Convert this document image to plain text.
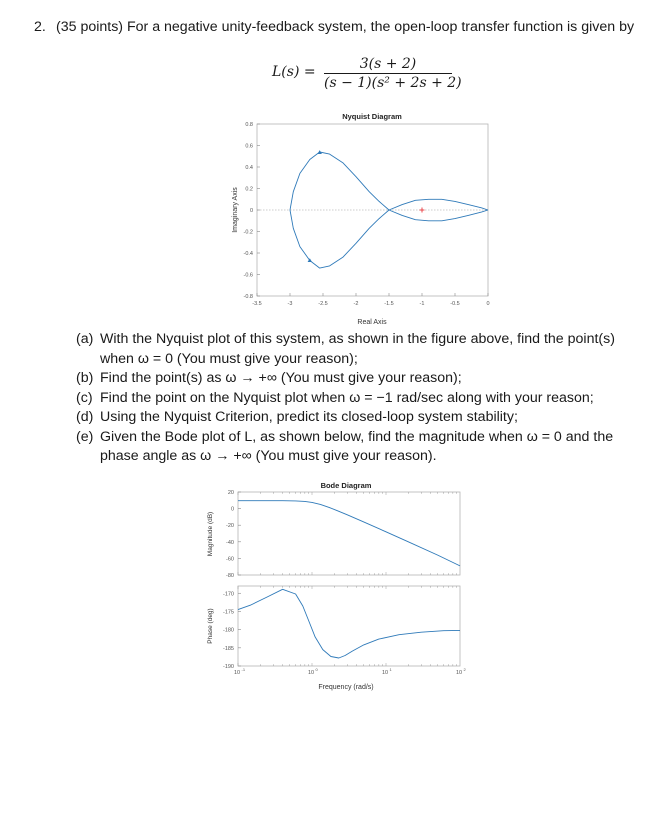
2. (35 points) For a negative unity-feedback system, the open-loop transfer function is given by
L(s) =	3(s + 2)
(s − 1)(s² + 2s + 2)
Nyquist Diagram
-3.5	-3	-2.5	-2	-1.5	-1	-0.5	0
0.8
0.6
0.4
0.2
0
-0.2
-0.4
-0.6
-0.8
Real Axis
Imaginary Axis
(a) With the Nyquist plot of this system, as shown in the figure above, find the point(s) when ω = 0 (You must give your reason);
(b) Find the point(s) as ω → +∞ (You must give your reason);
(c) Find the point on the Nyquist plot when ω = −1 rad/sec along with your reason;
(d) Using the Nyquist Criterion, predict its closed-loop system stability;
(e) Given the Bode plot of L, as shown below, find the magnitude when ω = 0 and the phase angle as ω → +∞ (You must give your reason).
Bode Diagram
20
0
-20
-40
-60
-80
-170
-175
-180
-185
-190
10
-1
10
0
10
1
10
2
Magnitude (dB)
Phase (deg)
Frequency (rad/s)
